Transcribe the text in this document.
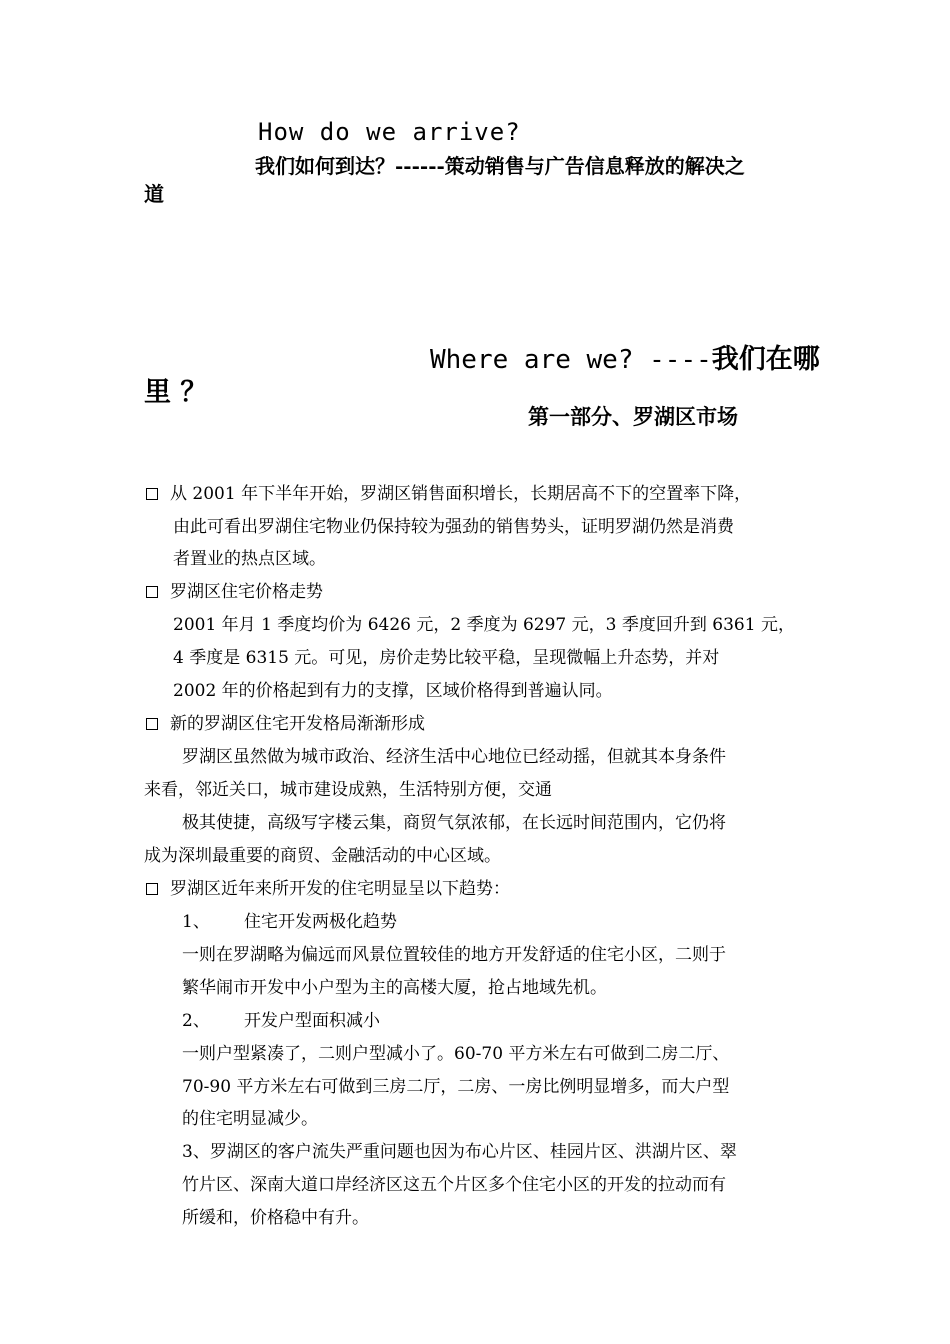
How do we arrive?
我们如何到达？------策动销售与广告信息释放的解决之
道
Where are we? ----我们在哪
里 ？
第一部分、罗湖区市场
从 2001 年下半年开始，罗湖区销售面积增长，长期居高不下的空置率下降，
由此可看出罗湖住宅物业仍保持较为强劲的销售势头，证明罗湖仍然是消费
者置业的热点区域。
罗湖区住宅价格走势
2001 年月 1 季度均价为 6426 元，2 季度为 6297 元，3 季度回升到 6361 元，
4 季度是 6315 元。可见，房价走势比较平稳，呈现微幅上升态势，并对
2002 年的价格起到有力的支撑，区域价格得到普遍认同。
新的罗湖区住宅开发格局渐渐形成
罗湖区虽然做为城市政治、经济生活中心地位已经动摇，但就其本身条件
来看，邻近关口，城市建设成熟，生活特别方便，交通
极其使捷，高级写字楼云集，商贸气氛浓郁，在长远时间范围内，它仍将
成为深圳最重要的商贸、金融活动的中心区域。
罗湖区近年来所开发的住宅明显呈以下趋势：
1、 住宅开发两极化趋势
一则在罗湖略为偏远而风景位置较佳的地方开发舒适的住宅小区，二则于
繁华闹市开发中小户型为主的高楼大厦，抢占地域先机。
2、 开发户型面积减小
一则户型紧凑了，二则户型减小了。60-70 平方米左右可做到二房二厅、
70-90 平方米左右可做到三房二厅，二房、一房比例明显增多，而大户型
的住宅明显减少。
3、罗湖区的客户流失严重问题也因为布心片区、桂园片区、洪湖片区、翠
竹片区、深南大道口岸经济区这五个片区多个住宅小区的开发的拉动而有
所缓和，价格稳中有升。
